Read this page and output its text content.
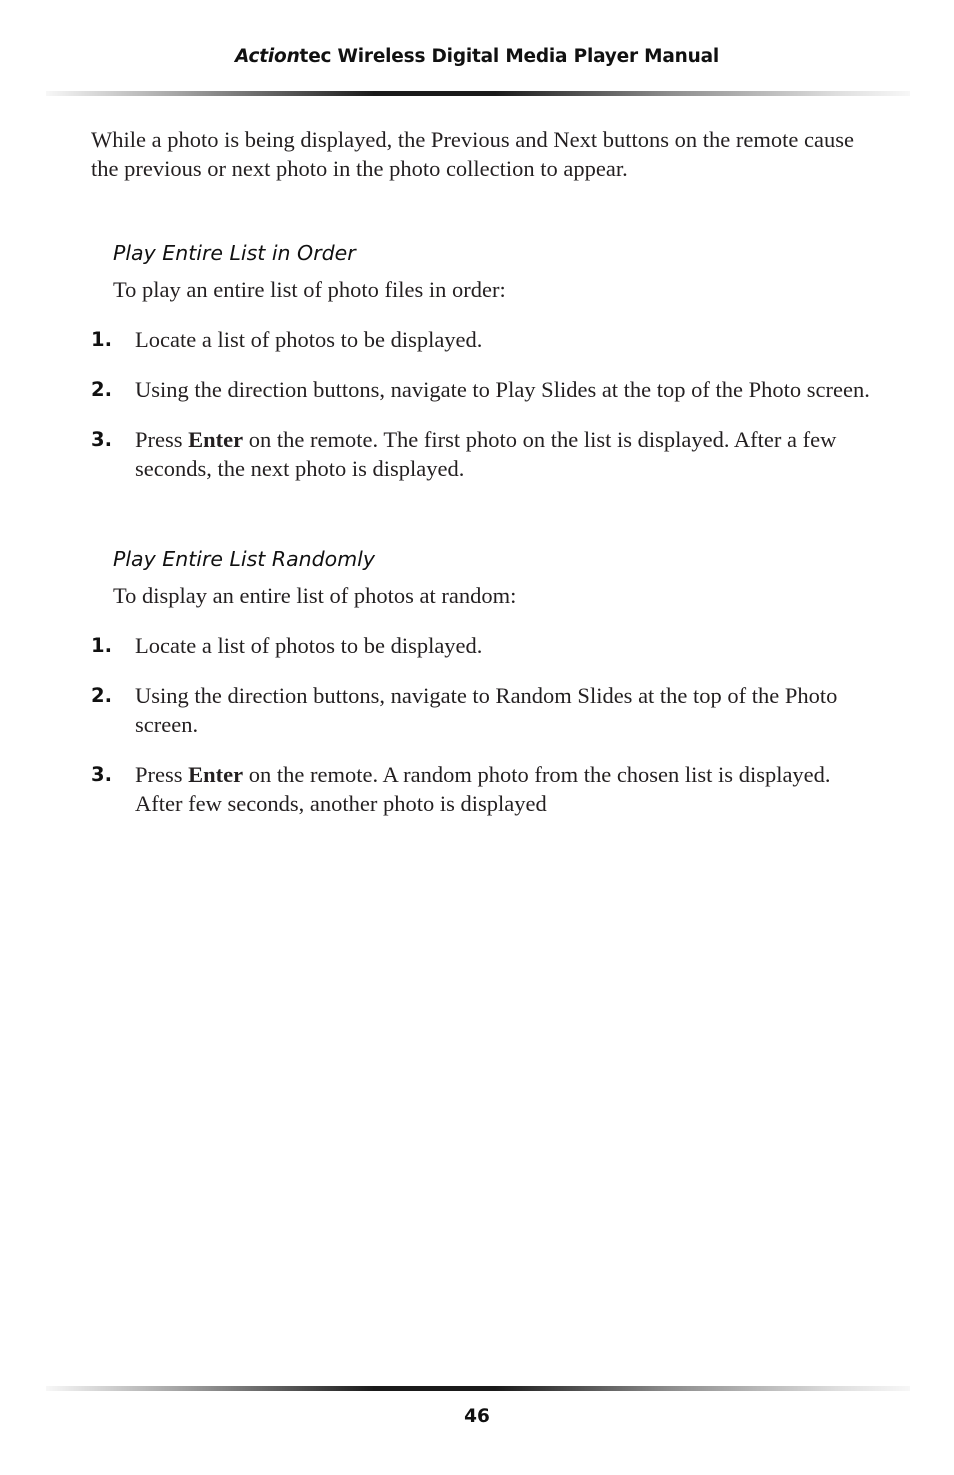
Actiontec Wireless Digital Media Player Manual

While a photo is being displayed, the Previous and Next buttons on the remote cause the previous or next photo in the photo collection to appear.

Play Entire List in Order

To play an entire list of photo files in order:

1.	Locate a list of photos to be displayed.
2.	Using the direction buttons, navigate to Play Slides at the top of the Photo screen.
3.	Press Enter on the remote. The first photo on the list is displayed. After a few seconds, the next photo is displayed.
Play Entire List Randomly

To display an entire list of photos at random:

1.	Locate a list of photos to be displayed.
2.	Using the direction buttons, navigate to Random Slides at the top of the Photo screen.
3.	Press Enter on the remote. A random photo from the chosen list is displayed. After few seconds, another photo is displayed
46
